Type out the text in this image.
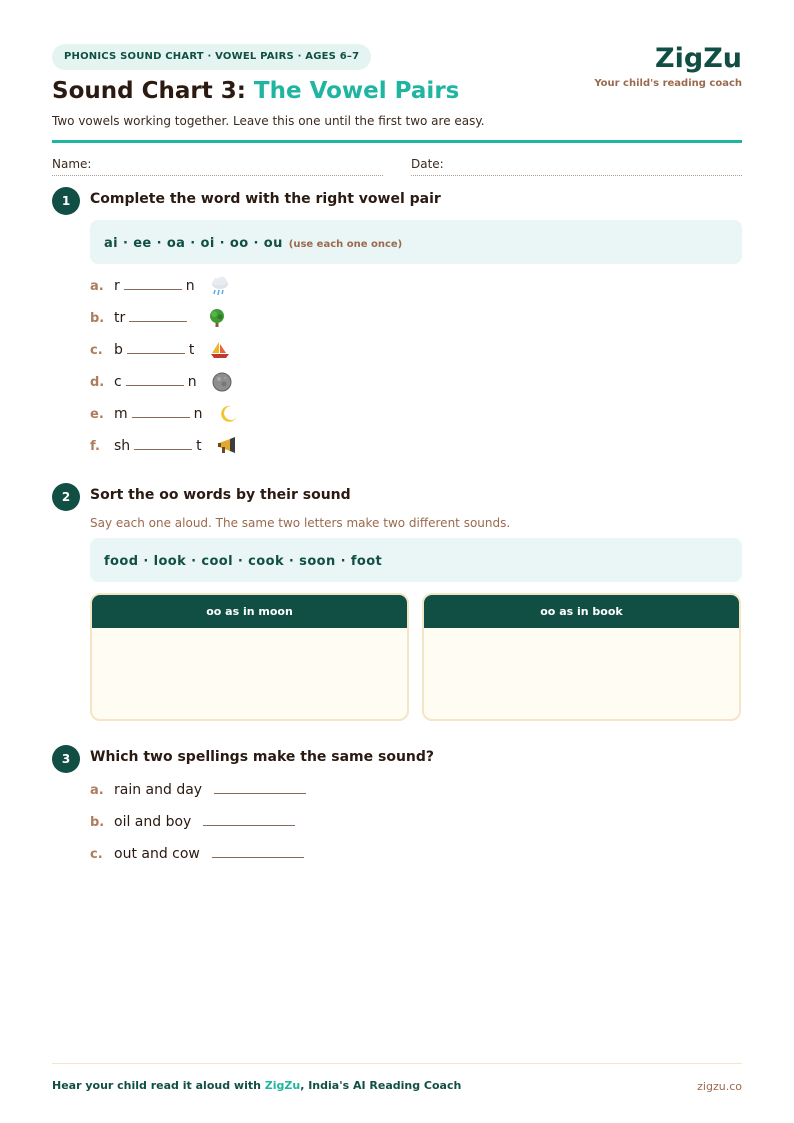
PHONICS SOUND CHART · VOWEL PAIRS · AGES 6–7	ZigZu
Your child's reading coach
Sound Chart 3: The Vowel Pairs
Two vowels working together. Leave this one until the first two are easy.
Name:	Date:
1	Complete the word with the right vowel pair
ai · ee · oa · oi · oo · ou (use each one once)
a. r	n
b. tr
c. b	t
d. c	n
e. m	n
f. sh	t
2	Sort the oo words by their sound
Say each one aloud. The same two letters make two different sounds.
food · look · cool · cook · soon · foot
oo as in moon	oo as in book
3	Which two spellings make the same sound?
a. rain and day
b. oil and boy
c. out and cow
Hear your child read it aloud with ZigZu, India's AI Reading Coach	zigzu.co
